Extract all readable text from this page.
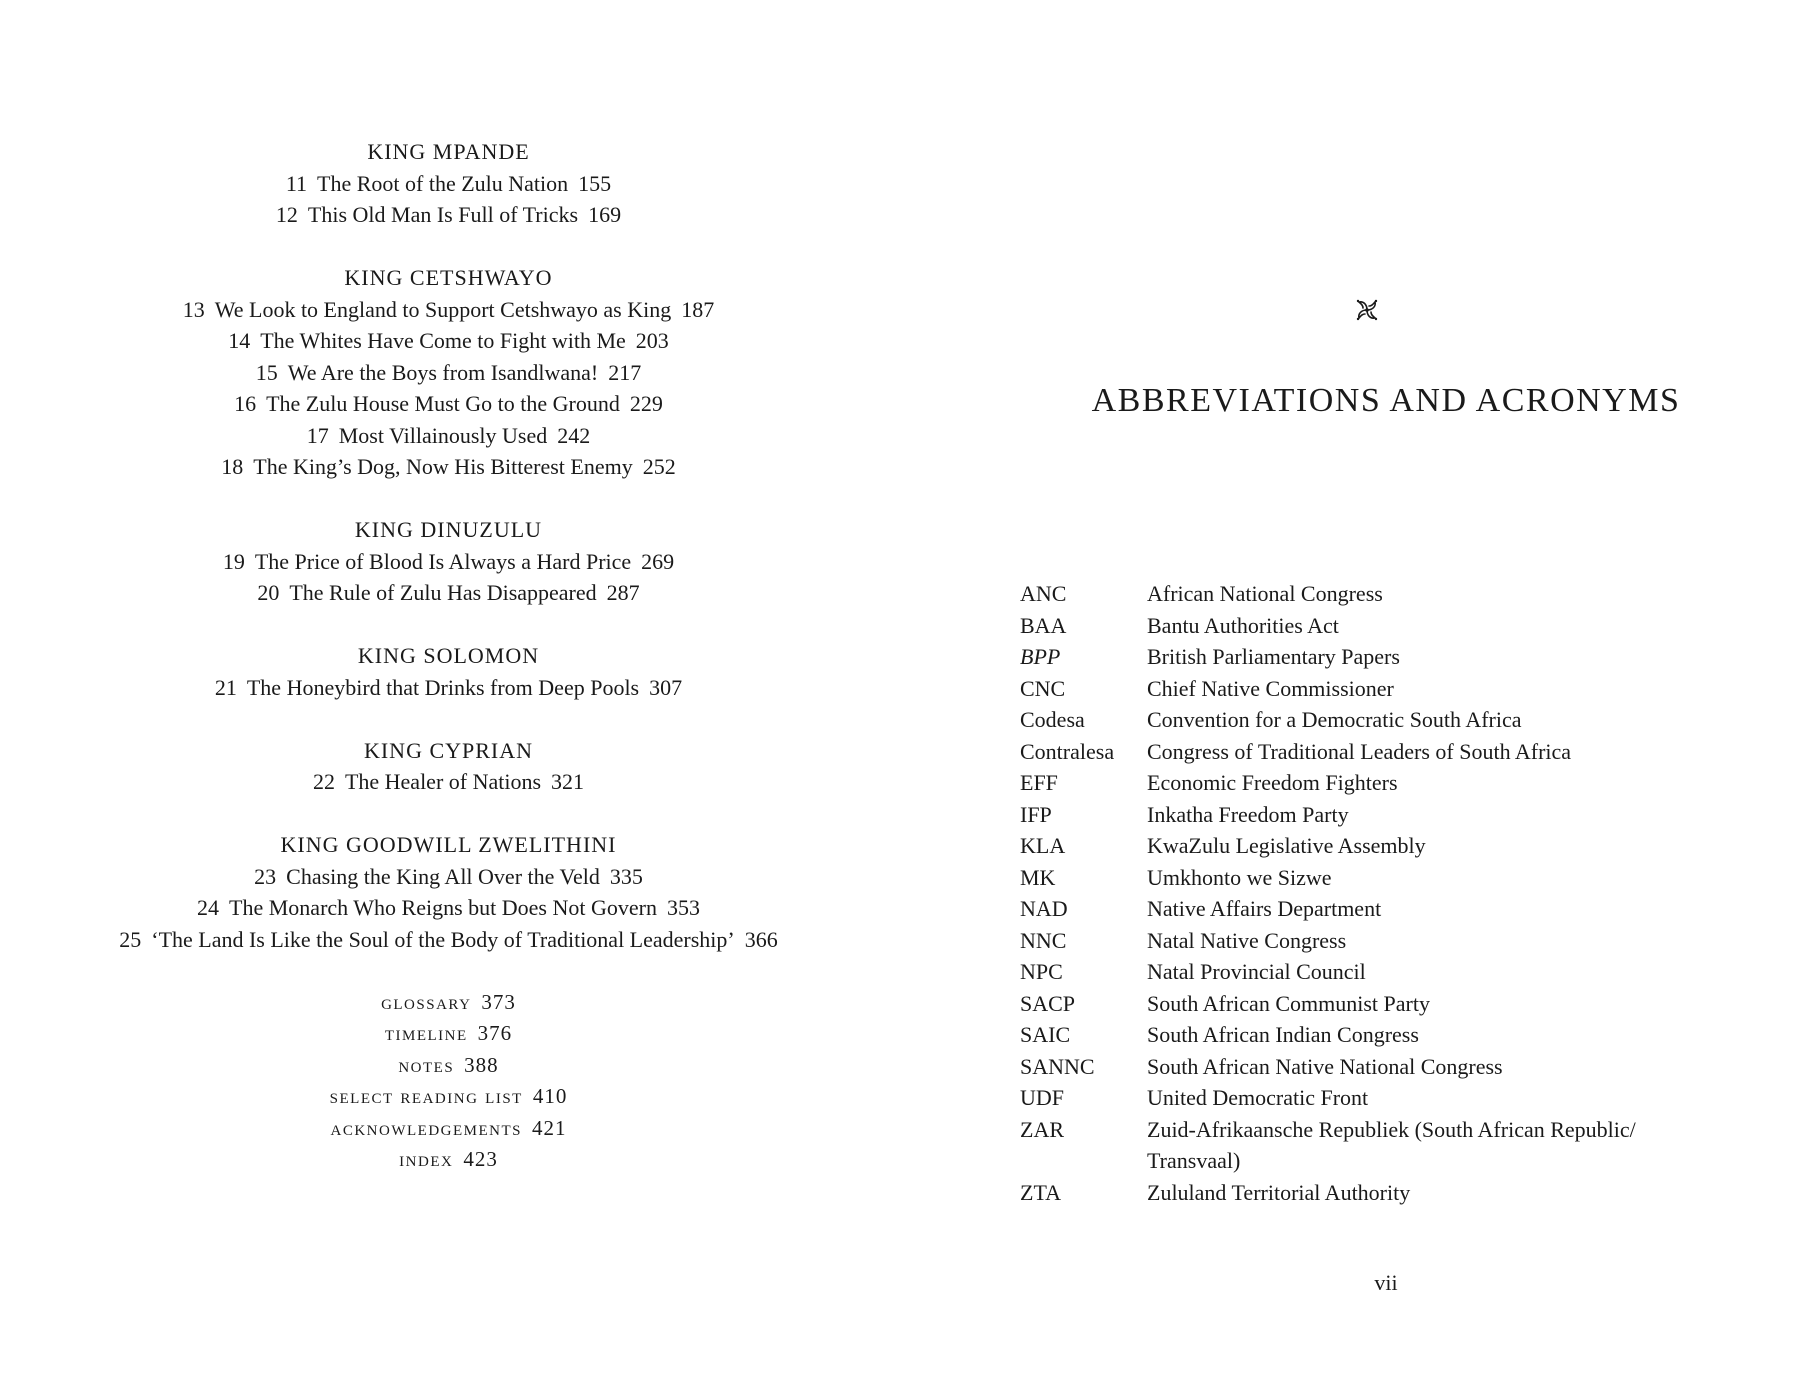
KING MPANDE
11 The Root of the Zulu Nation 155
12 This Old Man Is Full of Tricks 169
KING CETSHWAYO
13 We Look to England to Support Cetshwayo as King 187
14 The Whites Have Come to Fight with Me 203
15 We Are the Boys from Isandlwana! 217
16 The Zulu House Must Go to the Ground 229
17 Most Villainously Used 242
18 The King’s Dog, Now His Bitterest Enemy 252
KING DINUZULU
19 The Price of Blood Is Always a Hard Price 269
20 The Rule of Zulu Has Disappeared 287
KING SOLOMON
21 The Honeybird that Drinks from Deep Pools 307
KING CYPRIAN
22 The Healer of Nations 321
KING GOODWILL ZWELITHINI
23 Chasing the King All Over the Veld 335
24 The Monarch Who Reigns but Does Not Govern 353
25 ‘The Land Is Like the Soul of the Body of Traditional Leadership’ 366
glossary 373
timeline 376
notes 388
select reading list 410
acknowledgements 421
index 423
ABBREVIATIONS AND ACRONYMS
ANC	African National Congress
BAA	Bantu Authorities Act
BPP	British Parliamentary Papers
CNC	Chief Native Commissioner
Codesa	Convention for a Democratic South Africa
Contralesa	Congress of Traditional Leaders of South Africa
EFF	Economic Freedom Fighters
IFP	Inkatha Freedom Party
KLA	KwaZulu Legislative Assembly
MK	Umkhonto we Sizwe
NAD	Native Affairs Department
NNC	Natal Native Congress
NPC	Natal Provincial Council
SACP	South African Communist Party
SAIC	South African Indian Congress
SANNC	South African Native National Congress
UDF	United Democratic Front
ZAR	Zuid-Afrikaansche Republiek (South African Republic/ Transvaal)
ZTA	Zululand Territorial Authority
vii
